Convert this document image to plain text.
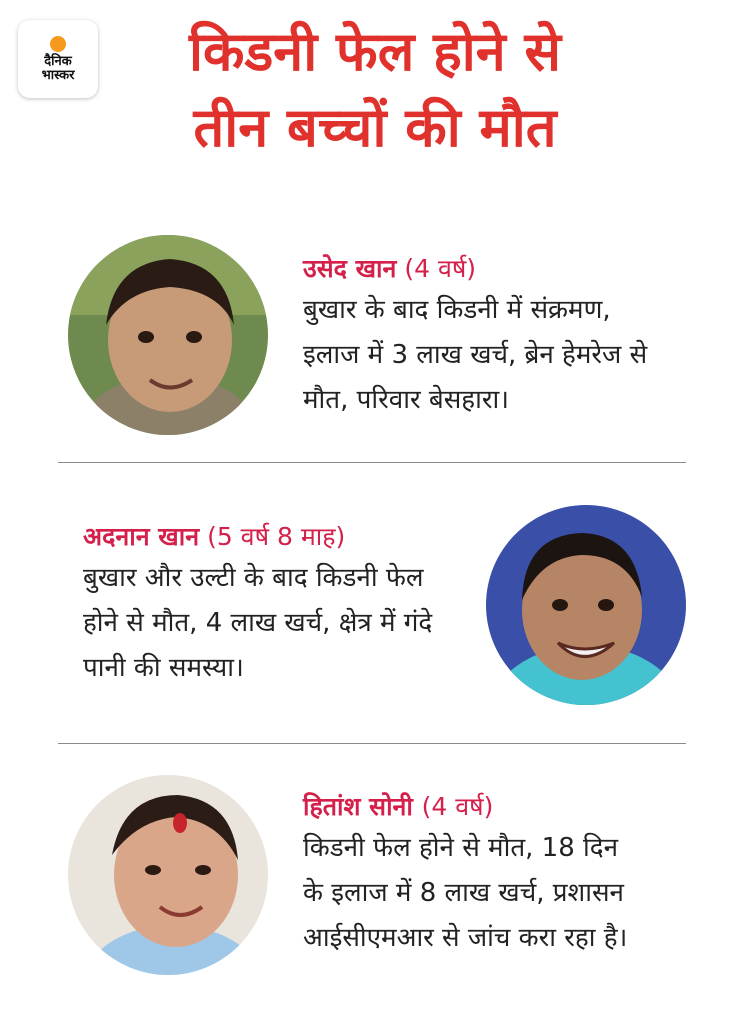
दैनिक
भास्कर	किडनी फेल होने से
तीन बच्चों की मौत
उसेद खान (4 वर्ष)
बुखार के बाद किडनी में संक्रमण,
इलाज में 3 लाख खर्च, ब्रेन हेमरेज से
मौत, परिवार बेसहारा।
अदनान खान (5 वर्ष 8 माह)
बुखार और उल्टी के बाद किडनी फेल
होने से मौत, 4 लाख खर्च, क्षेत्र में गंदे
पानी की समस्या।
हितांश सोनी (4 वर्ष)
किडनी फेल होने से मौत, 18 दिन
के इलाज में 8 लाख खर्च, प्रशासन
आईसीएमआर से जांच करा रहा है।
